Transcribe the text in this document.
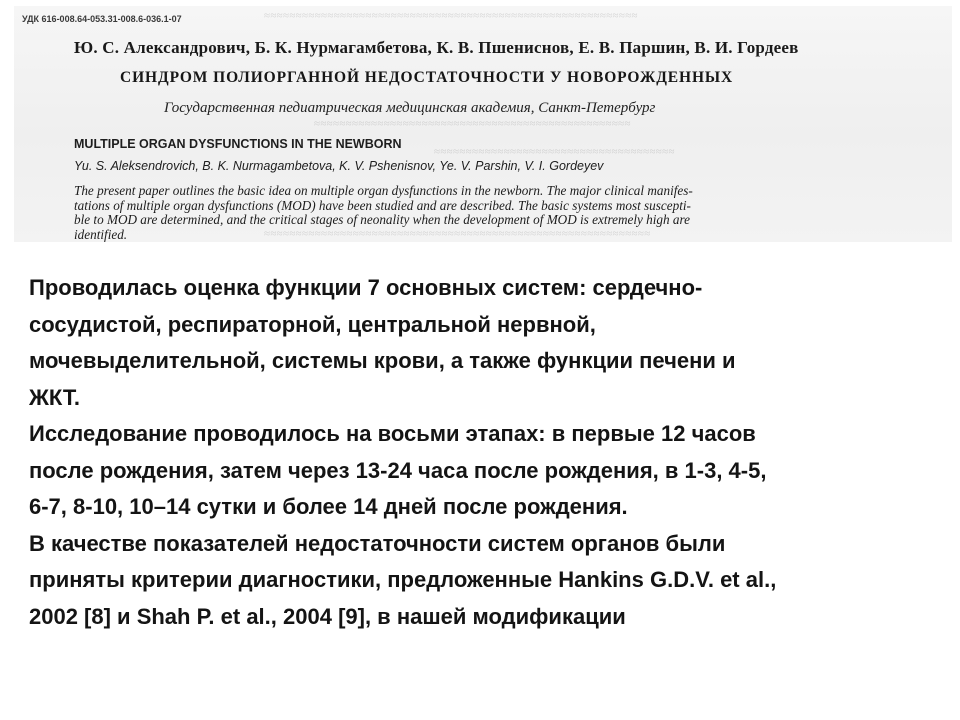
≈≈≈≈≈≈≈≈≈≈≈≈≈≈≈≈≈≈≈≈≈≈≈≈≈≈≈≈≈≈≈≈≈≈≈≈≈≈≈≈≈≈≈≈≈≈≈≈≈≈≈≈≈≈≈≈≈≈≈
≈≈≈≈≈≈≈≈≈≈≈≈≈≈≈≈≈≈≈≈≈≈≈≈≈≈≈≈≈≈≈≈≈≈≈≈≈≈≈≈≈≈≈≈≈≈≈≈≈≈
≈≈≈≈≈≈≈≈≈≈≈≈≈≈≈≈≈≈≈≈≈≈≈≈≈≈≈≈≈≈≈≈≈≈≈≈≈≈
≈≈≈≈≈≈≈≈≈≈≈≈≈≈≈≈≈≈≈≈≈≈≈≈≈≈≈≈≈≈≈≈≈≈≈≈≈≈≈≈≈≈≈≈≈≈≈≈≈≈≈≈≈≈≈≈≈≈≈≈≈
УДК 616-008.64-053.31-008.6-036.1-07
Ю. С. Александрович, Б. К. Нурмагамбетова, К. В. Пшениснов, Е. В. Паршин, В. И. Гордеев
СИНДРОМ ПОЛИОРГАННОЙ НЕДОСТАТОЧНОСТИ У НОВОРОЖДЕННЫХ
Государственная педиатрическая медицинская академия, Санкт-Петербург
MULTIPLE ORGAN DYSFUNCTIONS IN THE NEWBORN
Yu. S. Aleksendrovich, B. K. Nurmagambetova, K. V. Pshenisnov, Ye. V. Parshin, V. I. Gordeyev
The present paper outlines the basic idea on multiple organ dysfunctions in the newborn. The major clinical manifes-
tations of multiple organ dysfunctions (MOD) have been studied and are described. The basic systems most suscepti-
ble to MOD are determined, and the critical stages of neonality when the development of MOD is extremely high are
identified.
Проводилась оценка функции 7 основных систем: сердечно-
сосудистой, респираторной, центральной нервной,
мочевыделительной, системы крови, а также функции печени и
ЖКТ.
Исследование проводилось на восьми этапах: в первые 12 часов
после рождения, затем через 13-24 часа после рождения, в 1-3, 4-5,
6-7, 8-10, 10–14 сутки и более 14 дней после рождения.
В качестве показателей недостаточности систем органов были
приняты критерии диагностики, предложенные Hankins G.D.V. et al.,
2002 [8] и Shah P. et al., 2004 [9], в нашей модификации
